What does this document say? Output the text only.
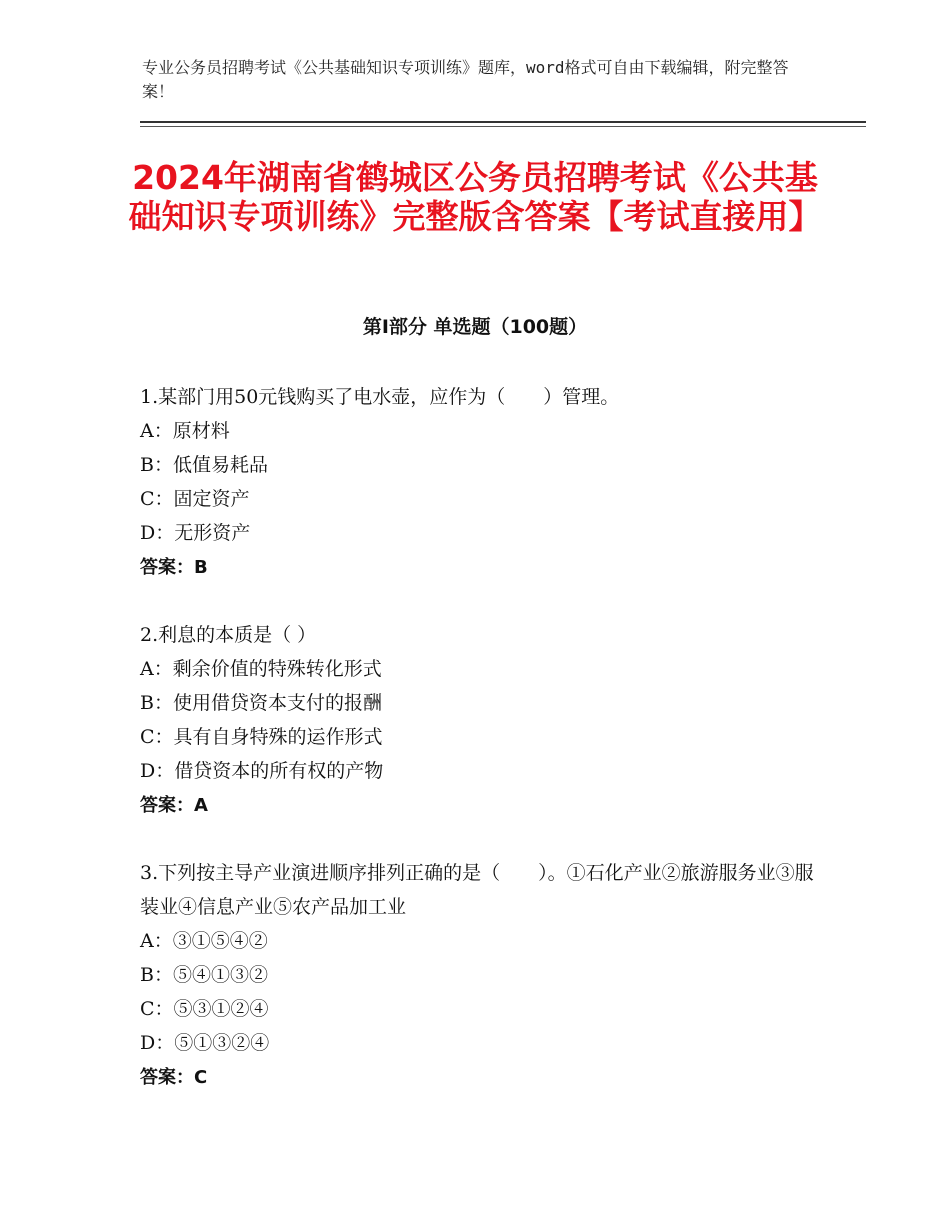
专业公务员招聘考试《公共基础知识专项训练》题库，word格式可自由下载编辑，附完整答案！
2024年湖南省鹤城区公务员招聘考试《公共基础知识专项训练》完整版含答案【考试直接用】
第Ⅰ部分 单选题（100题）

1.某部门用50元钱购买了电水壶，应作为（　　）管理。

A：原材料

B：低值易耗品

C：固定资产

D：无形资产

答案：B

2.利息的本质是（ ）

A：剩余价值的特殊转化形式

B：使用借贷资本支付的报酬

C：具有自身特殊的运作形式

D：借贷资本的所有权的产物

答案：A

3.下列按主导产业演进顺序排列正确的是（　　）。①石化产业②旅游服务业③服装业④信息产业⑤农产品加工业

A：③①⑤④②

B：⑤④①③②

C：⑤③①②④

D：⑤①③②④

答案：C
